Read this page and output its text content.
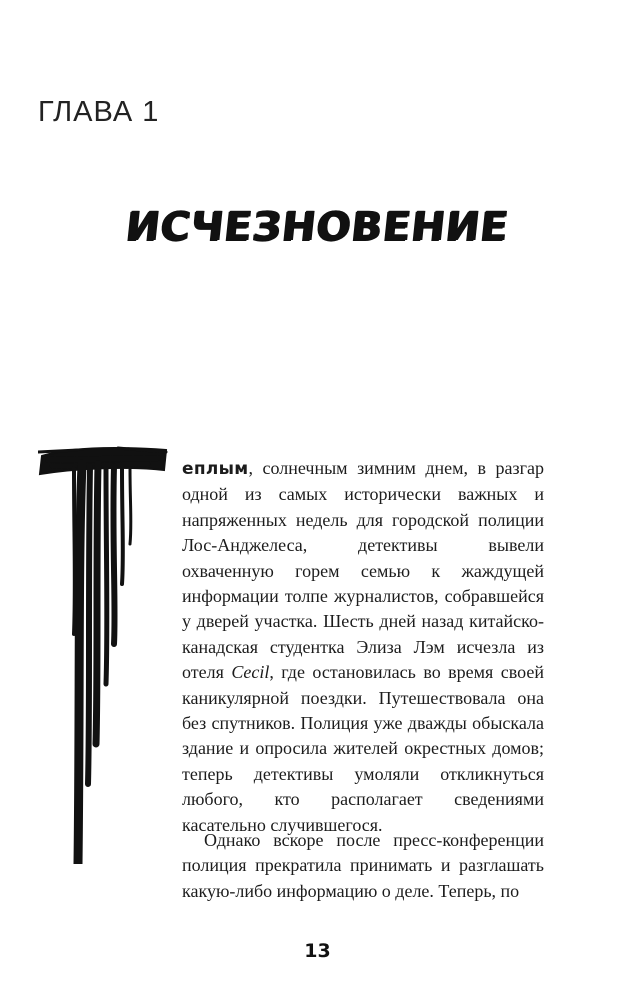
ГЛАВА 1
ИСЧЕЗНОВЕНИЕ

еплым, солнечным зимним днем, в разгар одной из самых исторически важных и напряженных недель для городской полиции Лос-Анджелеса, детективы вывели охваченную горем семью к жаждущей информации толпе журналистов, собравшейся у дверей участка. Шесть дней назад китайско-канадская студентка Элиза Лэм исчезла из отеля Cecil, где остановилась во время своей каникулярной поездки. Путешествовала она без спутников. Полиция уже дважды обыскала здание и опросила жителей окрестных домов; теперь детективы умоляли откликнуться любого, кто располагает сведениями касательно случившегося.

Однако вскоре после пресс-конференции полиция прекратила принимать и разглашать какую-либо информацию о деле. Теперь, по

13
